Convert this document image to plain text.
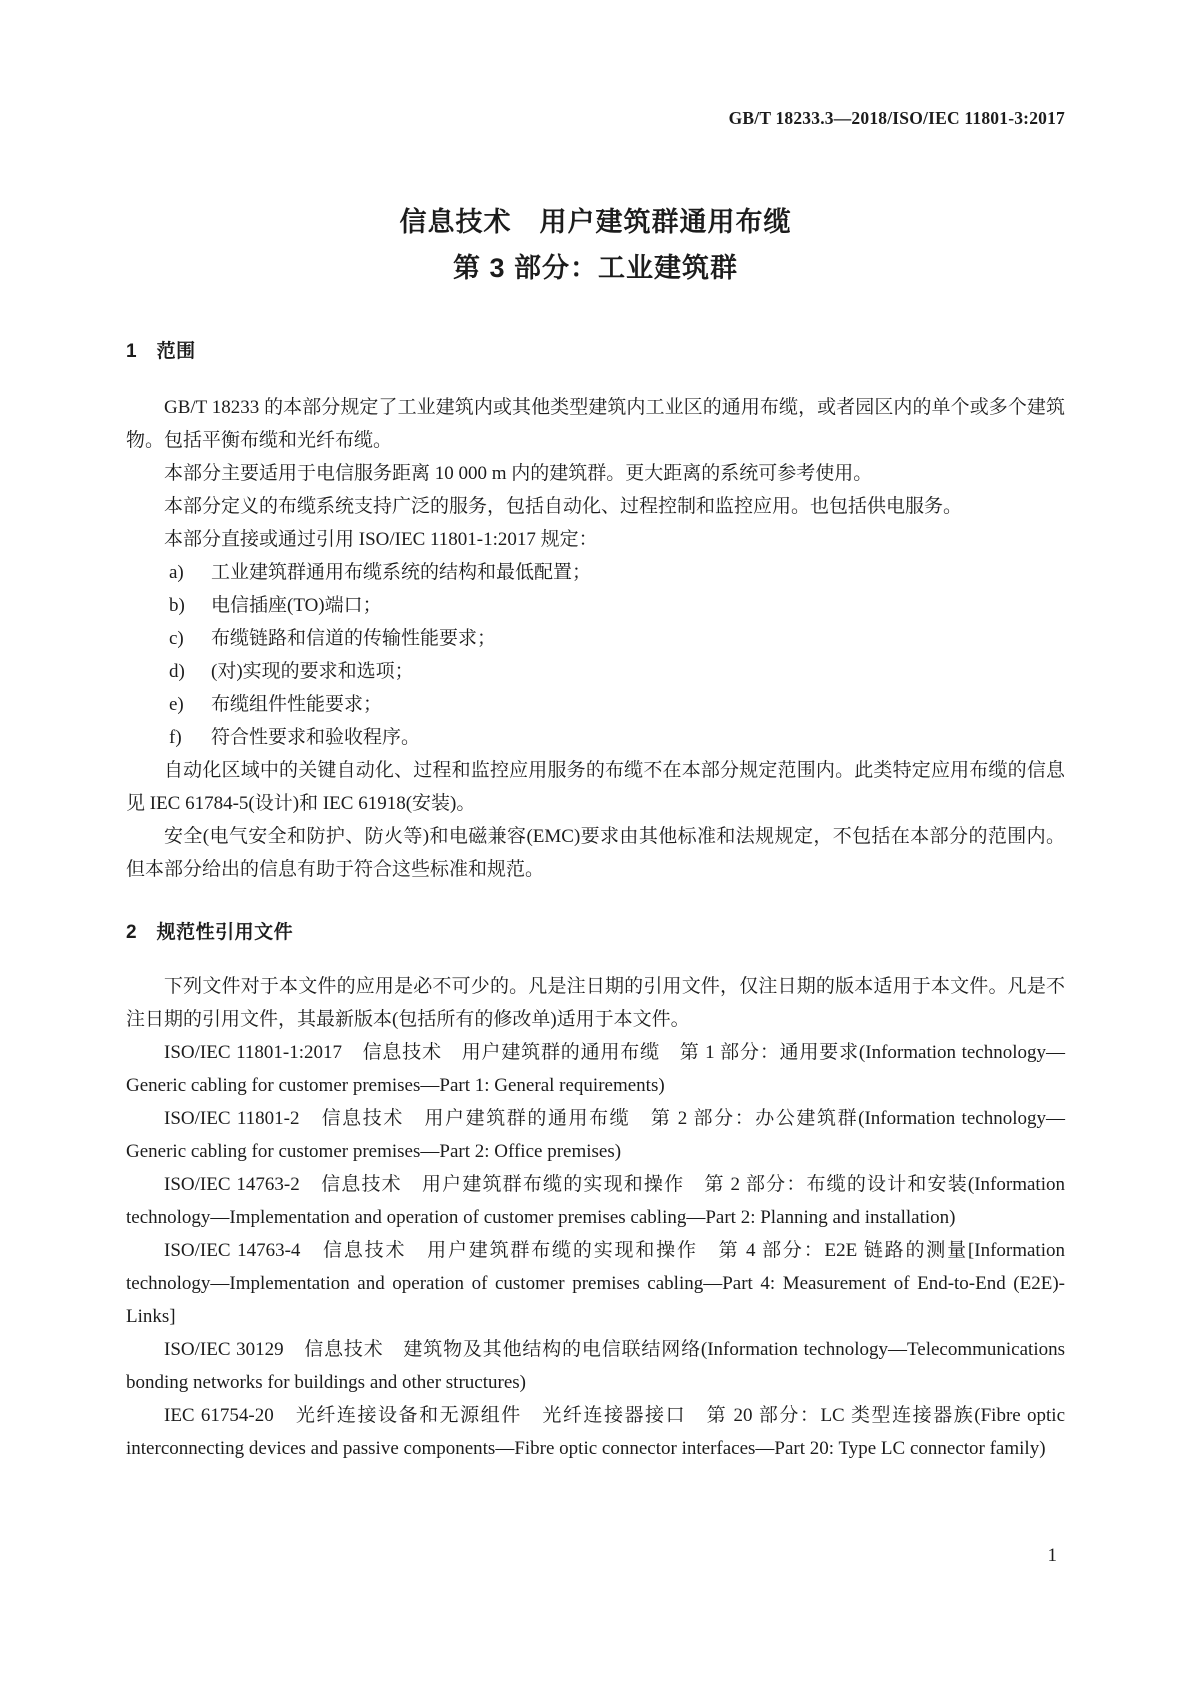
GB/T 18233.3—2018/ISO/IEC 11801-3:2017
信息技术　用户建筑群通用布缆
第 3 部分：工业建筑群
1　范围

GB/T 18233 的本部分规定了工业建筑内或其他类型建筑内工业区的通用布缆，或者园区内的单个或多个建筑物。包括平衡布缆和光纤布缆。

本部分主要适用于电信服务距离 10 000 m 内的建筑群。更大距离的系统可参考使用。

本部分定义的布缆系统支持广泛的服务，包括自动化、过程控制和监控应用。也包括供电服务。

本部分直接或通过引用 ISO/IEC 11801-1:2017 规定：

a) 工业建筑群通用布缆系统的结构和最低配置；
b) 电信插座(TO)端口；
c) 布缆链路和信道的传输性能要求；
d) (对)实现的要求和选项；
e) 布缆组件性能要求；
f) 符合性要求和验收程序。

自动化区域中的关键自动化、过程和监控应用服务的布缆不在本部分规定范围内。此类特定应用布缆的信息见 IEC 61784-5(设计)和 IEC 61918(安装)。

安全(电气安全和防护、防火等)和电磁兼容(EMC)要求由其他标准和法规规定，不包括在本部分的范围内。但本部分给出的信息有助于符合这些标准和规范。

2　规范性引用文件

下列文件对于本文件的应用是必不可少的。凡是注日期的引用文件，仅注日期的版本适用于本文件。凡是不注日期的引用文件，其最新版本(包括所有的修改单)适用于本文件。

ISO/IEC 11801-1:2017　信息技术　用户建筑群的通用布缆　第 1 部分：通用要求(Information technology—Generic cabling for customer premises—Part 1: General requirements)

ISO/IEC 11801-2　信息技术　用户建筑群的通用布缆　第 2 部分：办公建筑群(Information technology—Generic cabling for customer premises—Part 2: Office premises)

ISO/IEC 14763-2　信息技术　用户建筑群布缆的实现和操作　第 2 部分：布缆的设计和安装(Information technology—Implementation and operation of customer premises cabling—Part 2: Planning and installation)

ISO/IEC 14763-4　信息技术　用户建筑群布缆的实现和操作　第 4 部分：E2E 链路的测量[Information technology—Implementation and operation of customer premises cabling—Part 4: Measurement of End-to-End (E2E)-Links]

ISO/IEC 30129　信息技术　建筑物及其他结构的电信联结网络(Information technology—Telecommunications bonding networks for buildings and other structures)

IEC 61754-20　光纤连接设备和无源组件　光纤连接器接口　第 20 部分：LC 类型连接器族(Fibre optic interconnecting devices and passive components—Fibre optic connector interfaces—Part 20: Type LC connector family)

1
